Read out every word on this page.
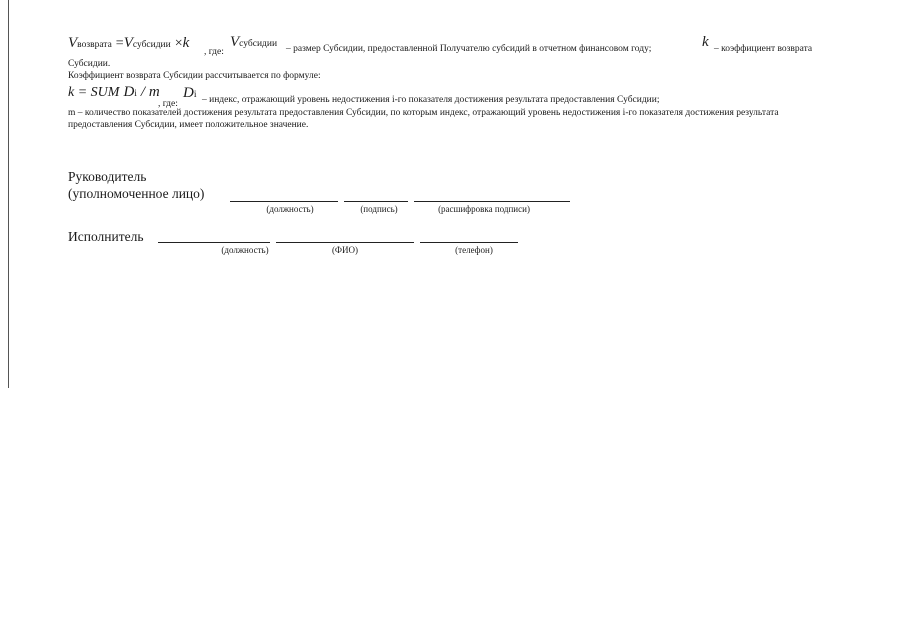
Vвозврата =Vсубсидии ×k
, где:
Vсубсидии – размер Субсидии, предоставленной Получателю субсидий в отчетном финансовом году;	k – коэффициент возврата
Субсидии.
Коэффициент возврата Субсидии рассчитывается по формуле:
k = SUM Di / m
, где:
Di – индекс, отражающий уровень недостижения i-го показателя достижения результата предоставления Субсидии;
m – количество показателей достижения результата предоставления Субсидии, по которым индекс, отражающий уровень недостижения i-го показателя достижения результата
предоставления Субсидии, имеет положительное значение.
Руководитель
(уполномоченное лицо)
(должность)	(подпись)	(расшифровка подписи)
Исполнитель
(должность)	(ФИО)	(телефон)
